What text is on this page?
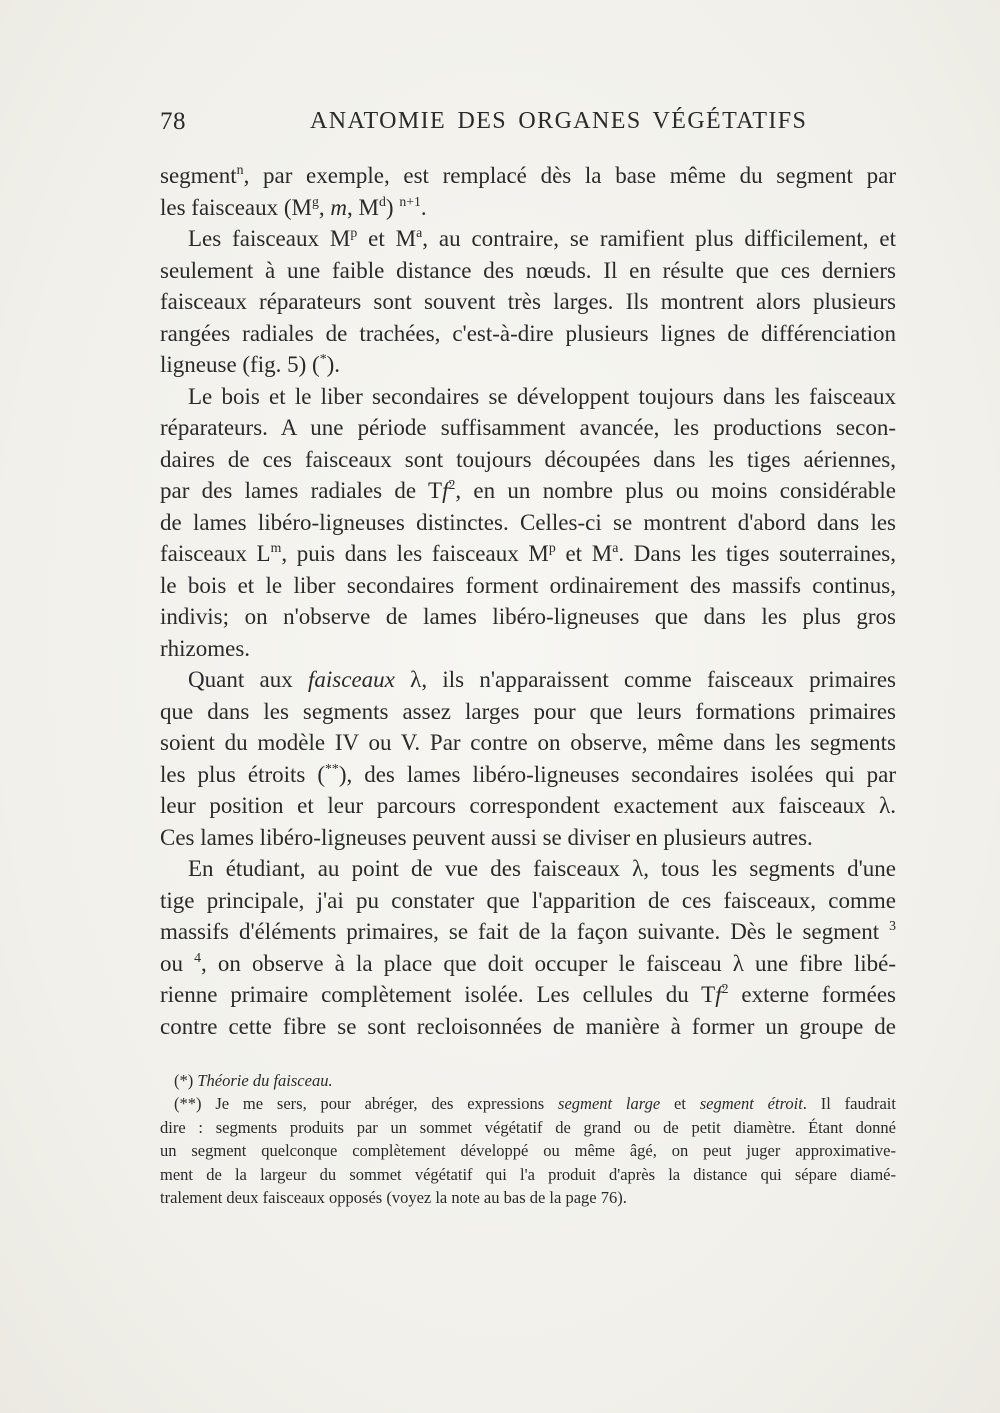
78	ANATOMIE DES ORGANES VÉGÉTATIFS
segment$^n$, par exemple, est remplacé dès la base même du segment par
les faisceaux ($M^g$, m, $M^d$) $^{n+1}$.
Les faisceaux $M^p$ et $M^a$, au contraire, se ramifient plus difficilement, et
seulement à une faible distance des nœuds. Il en résulte que ces derniers
faisceaux réparateurs sont souvent très larges. Ils montrent alors plusieurs
rangées radiales de trachées, c'est-à-dire plusieurs lignes de différenciation
ligneuse (fig. 5) (*).
Le bois et le liber secondaires se développent toujours dans les faisceaux
réparateurs. A une période suffisamment avancée, les productions secon-
daires de ces faisceaux sont toujours découpées dans les tiges aériennes,
par des lames radiales de Tf$^2$, en un nombre plus ou moins considérable
de lames libéro-ligneuses distinctes. Celles-ci se montrent d'abord dans les
faisceaux $L^m$, puis dans les faisceaux $M^p$ et $M^a$. Dans les tiges souterraines,
le bois et le liber secondaires forment ordinairement des massifs continus,
indivis; on n'observe de lames libéro-ligneuses que dans les plus gros
rhizomes.
Quant aux faisceaux λ, ils n'apparaissent comme faisceaux primaires
que dans les segments assez larges pour que leurs formations primaires
soient du modèle IV ou V. Par contre on observe, même dans les segments
les plus étroits (**), des lames libéro-ligneuses secondaires isolées qui par
leur position et leur parcours correspondent exactement aux faisceaux λ.
Ces lames libéro-ligneuses peuvent aussi se diviser en plusieurs autres.
En étudiant, au point de vue des faisceaux λ, tous les segments d'une
tige principale, j'ai pu constater que l'apparition de ces faisceaux, comme
massifs d'éléments primaires, se fait de la façon suivante. Dès le segment $^3$
ou $^4$, on observe à la place que doit occuper le faisceau λ une fibre libé-
rienne primaire complètement isolée. Les cellules du Tf$^2$ externe formées
contre cette fibre se sont recloisonnées de manière à former un groupe de
(*) Théorie du faisceau.
(**) Je me sers, pour abréger, des expressions segment large et segment étroit. Il faudrait
dire : segments produits par un sommet végétatif de grand ou de petit diamètre. Étant donné
un segment quelconque complètement développé ou même âgé, on peut juger approximative-
ment de la largeur du sommet végétatif qui l'a produit d'après la distance qui sépare diamé-
tralement deux faisceaux opposés (voyez la note au bas de la page 76).
